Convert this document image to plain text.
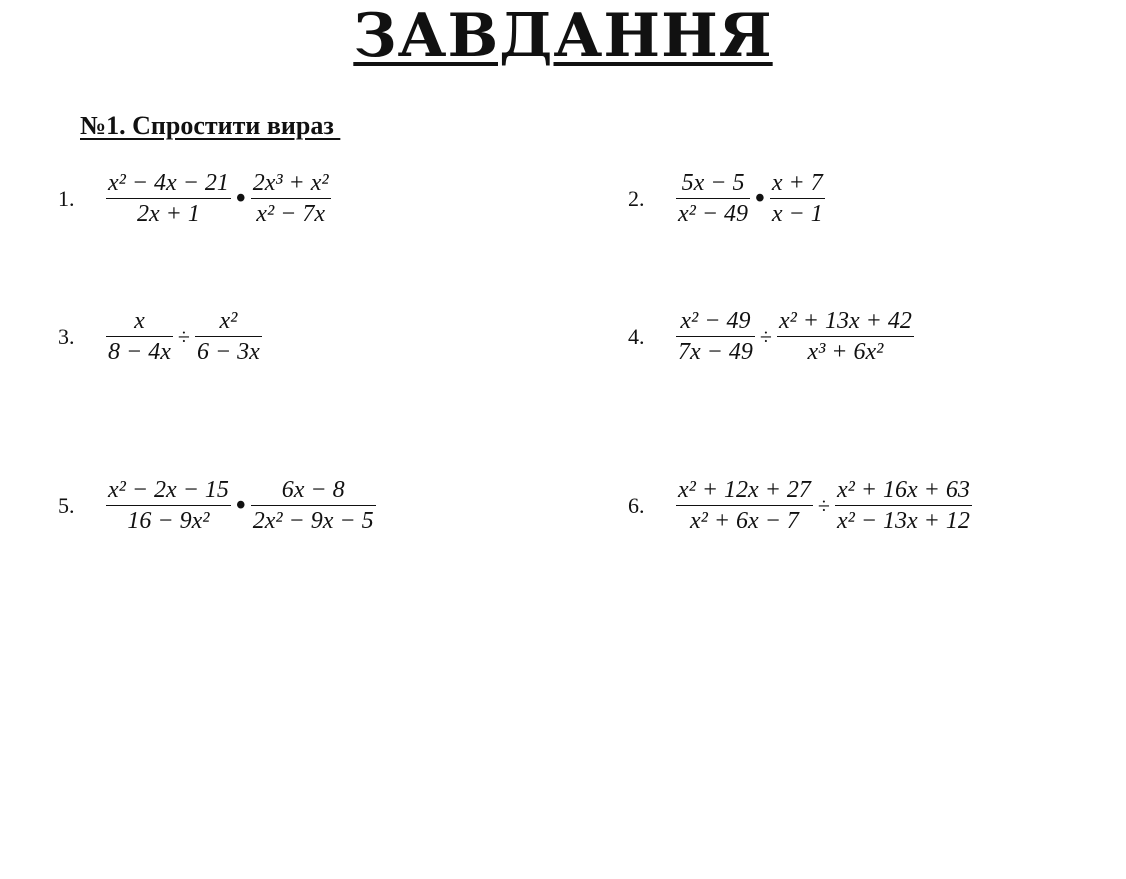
ЗАВДАННЯ
№1. Спростити вираз
1.	$\frac{\text{x² − 4x − 21}}{2x + 1}$ • $\frac{\text{2x³ + x²}}{\text{x² − 7x}}$	2.	$\frac{5x - 5}{\text{x² − 49}}$ • $\frac{x + 7}{x - 1}$
3.	$\frac{x}{8 - 4x} \div \frac{\text{x²}}{6 - 3x}$	4.	$\frac{\text{x² − 49}}{7x - 49} \div \frac{\text{x² + 13x + 42}}{\text{x³ + 6x²}}$
5.	$\frac{\text{x² − 2x − 15}}{\text{16 − 9x²}}$ • $\frac{6x - 8}{\text{2x² − 9x − 5}}$	6.	$\frac{\text{x² + 12x + 27}}{\text{x² + 6x − 7}} \div \frac{\text{x² + 16x + 63}}{\text{x² − 13x + 12}}$
